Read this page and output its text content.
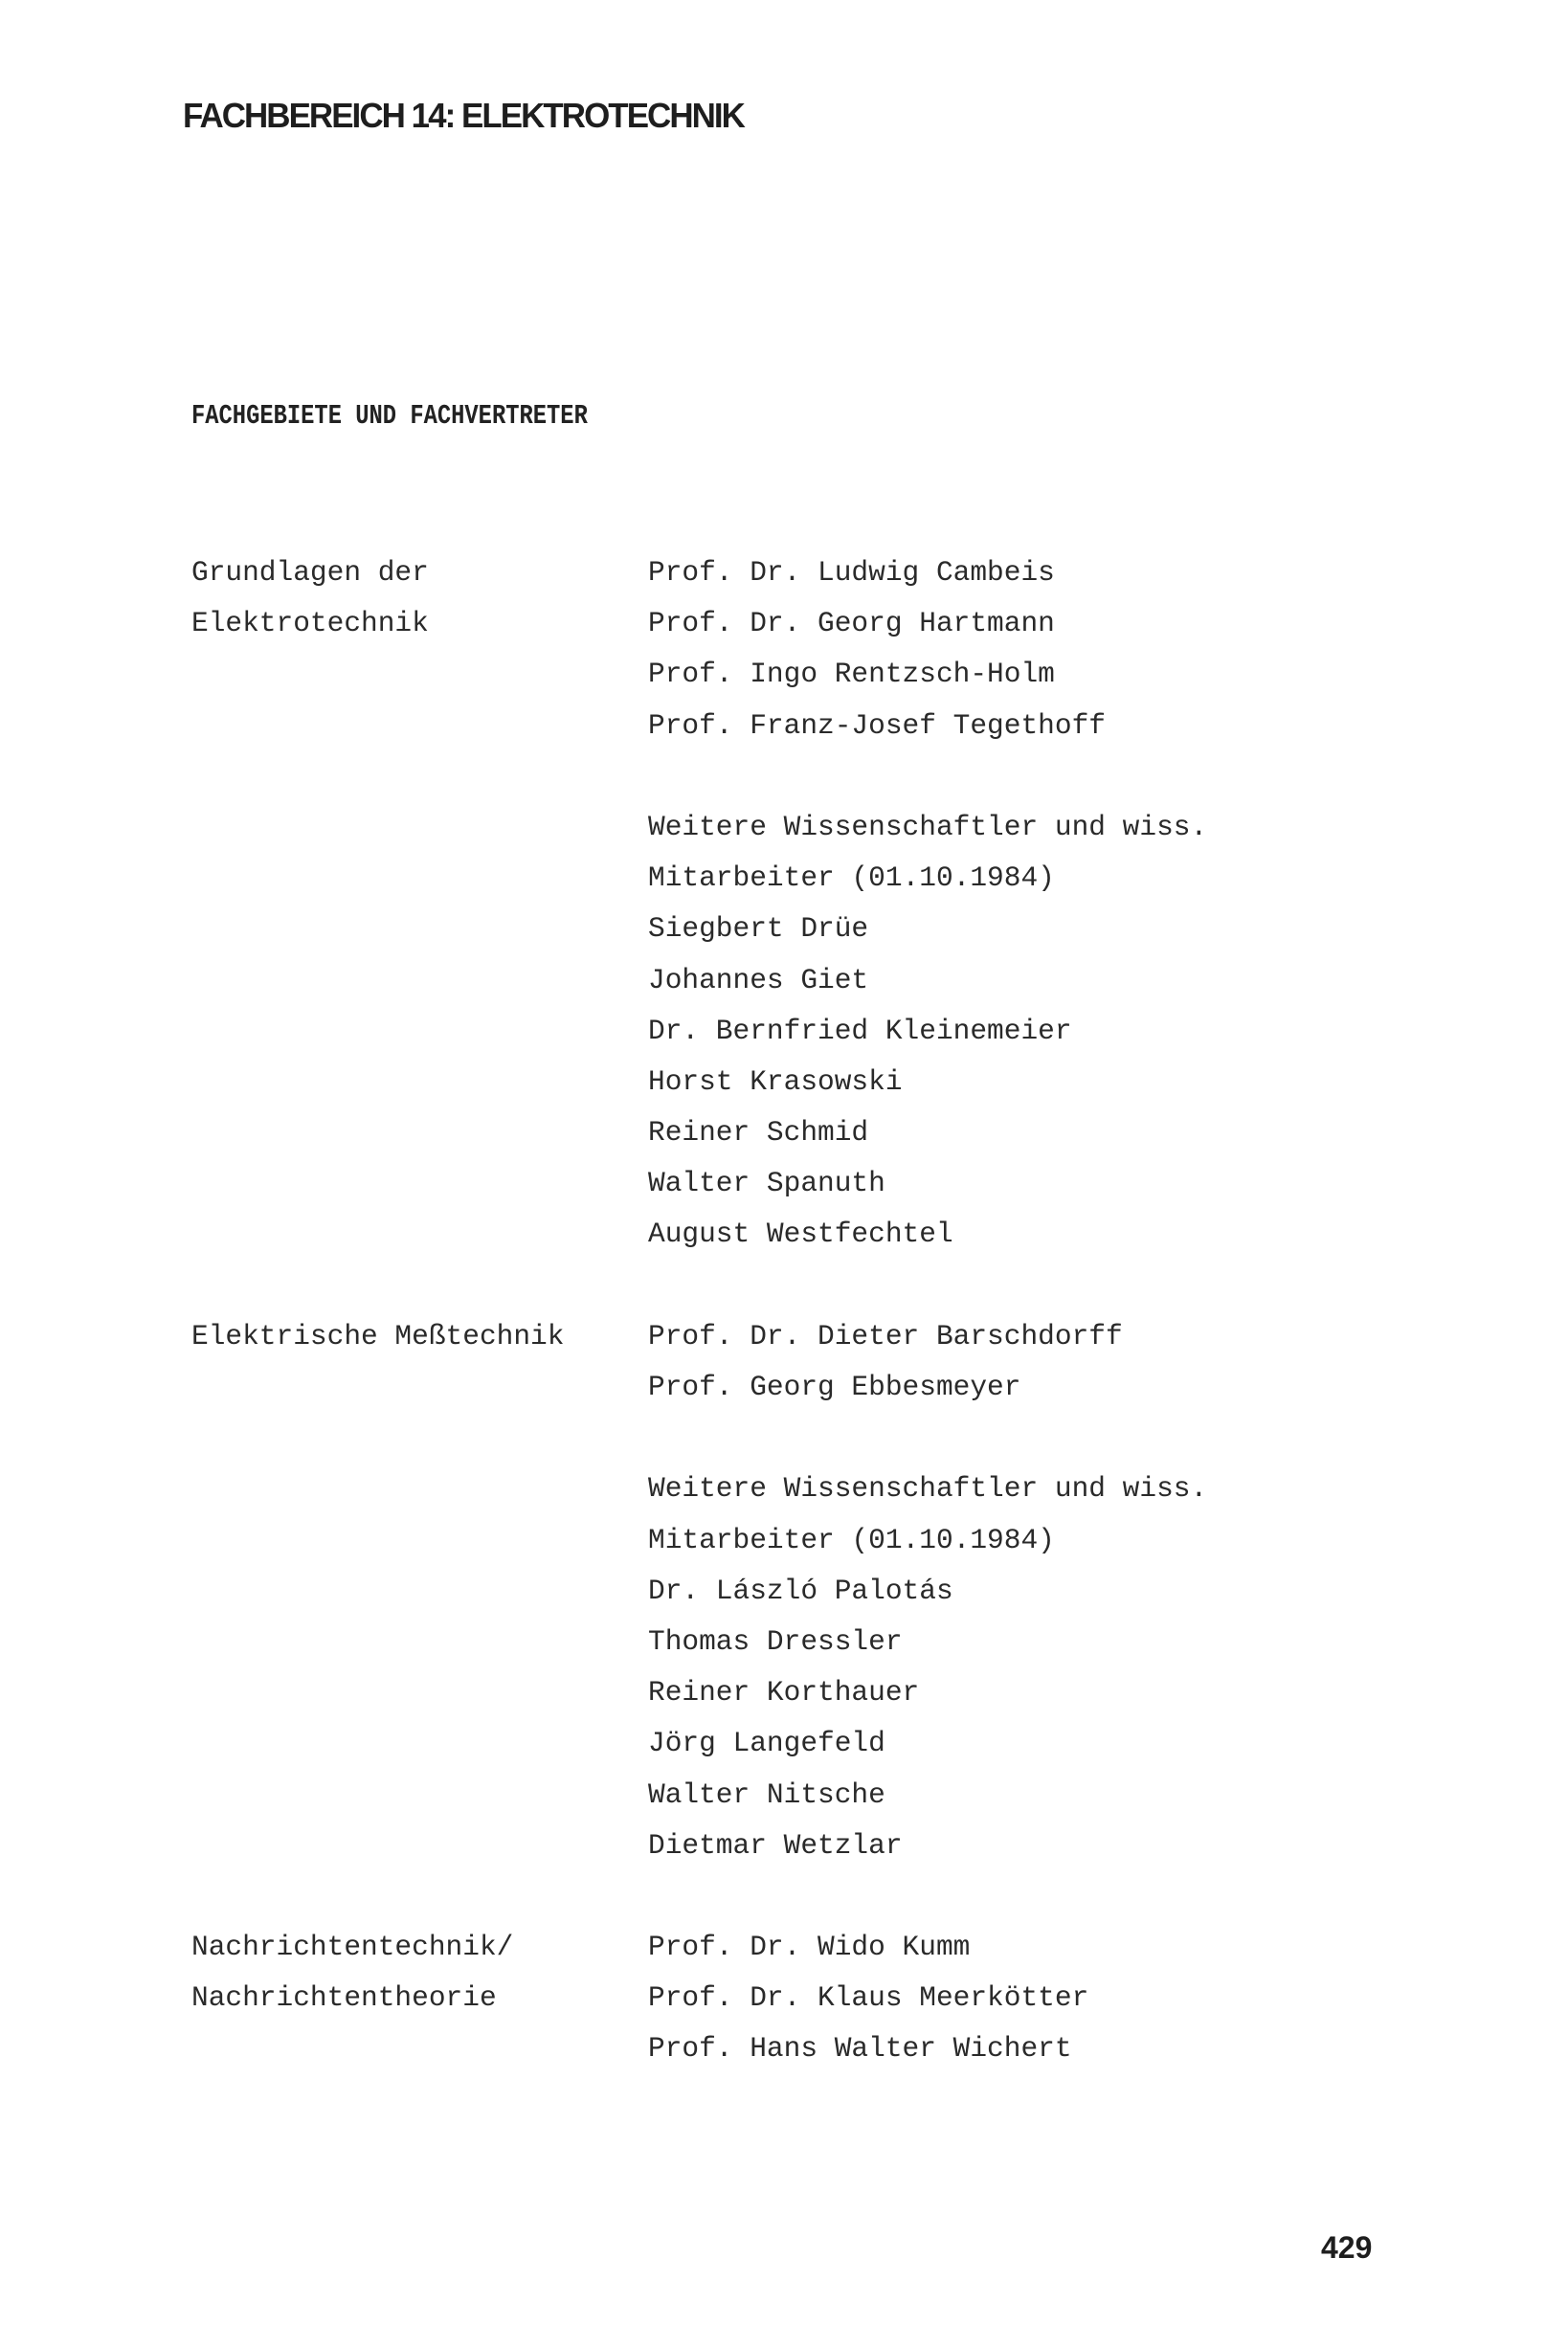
FACHBEREICH 14: ELEKTROTECHNIK
FACHGEBIETE UND FACHVERTRETER
Grundlagen der	Prof. Dr. Ludwig Cambeis
Elektrotechnik	Prof. Dr. Georg Hartmann
Prof. Ingo Rentzsch-Holm
Prof. Franz-Josef Tegethoff
Weitere Wissenschaftler und wiss.
Mitarbeiter (01.10.1984)
Siegbert Drüe
Johannes Giet
Dr. Bernfried Kleinemeier
Horst Krasowski
Reiner Schmid
Walter Spanuth
August Westfechtel
Elektrische Meßtechnik	Prof. Dr. Dieter Barschdorff
Prof. Georg Ebbesmeyer
Weitere Wissenschaftler und wiss.
Mitarbeiter (01.10.1984)
Dr. László Palotás
Thomas Dressler
Reiner Korthauer
Jörg Langefeld
Walter Nitsche
Dietmar Wetzlar
Nachrichtentechnik/	Prof. Dr. Wido Kumm
Nachrichtentheorie	Prof. Dr. Klaus Meerkötter
Prof. Hans Walter Wichert
429
